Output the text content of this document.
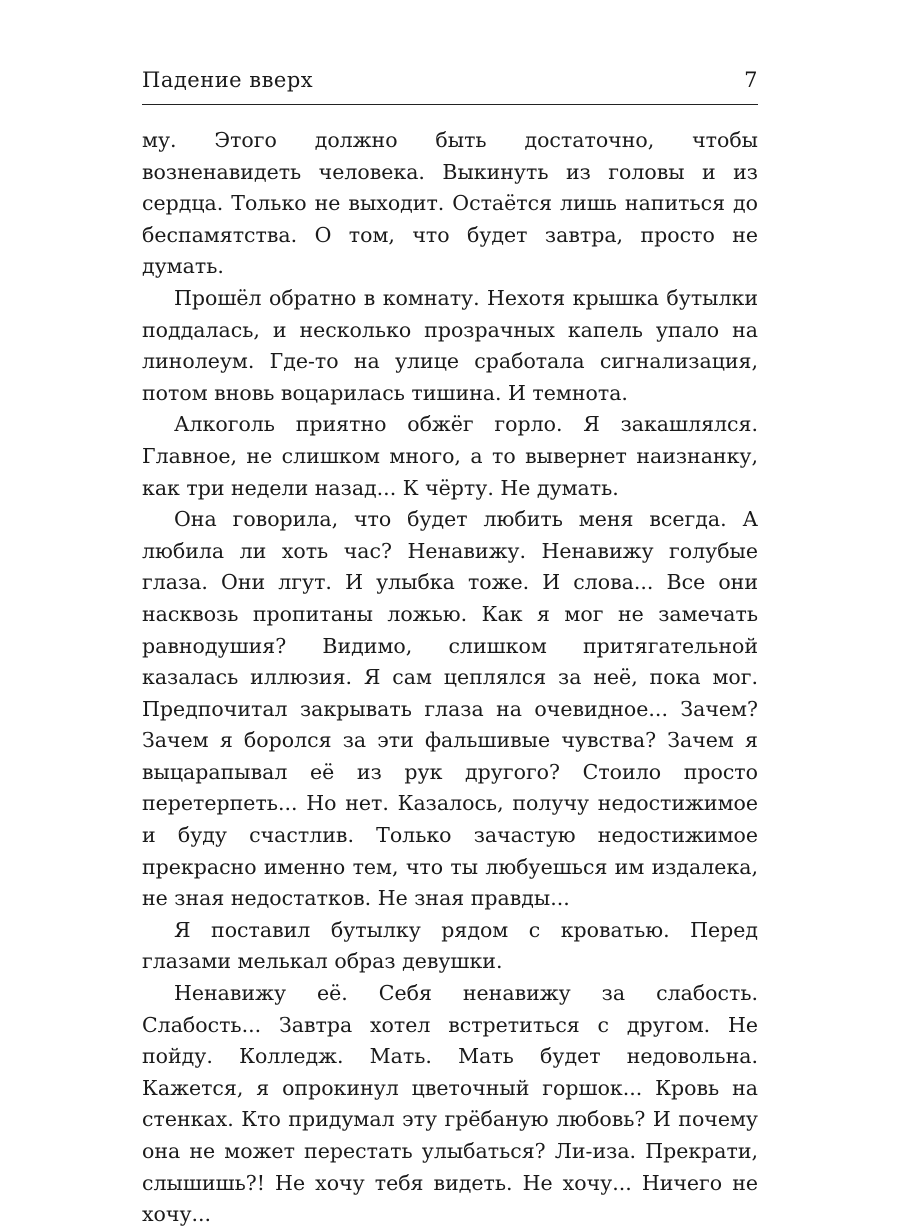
Падение вверх	7

му. Этого должно быть достаточно, чтобы возненавидеть человека. Выкинуть из головы и из сердца. Только не выходит. Остаётся лишь напиться до беспамятства. О том, что будет завтра, просто не думать.

Прошёл обратно в комнату. Нехотя крышка бутылки поддалась, и несколько прозрачных капель упало на линолеум. Где-то на улице сработала сигнализация, потом вновь воцарилась тишина. И темнота.

Алкоголь приятно обжёг горло. Я закашлялся. Главное, не слишком много, а то вывернет наизнанку, как три недели назад... К чёрту. Не думать.

Она говорила, что будет любить меня всегда. А любила ли хоть час? Ненавижу. Ненавижу голубые глаза. Они лгут. И улыбка тоже. И слова... Все они насквозь пропитаны ложью. Как я мог не замечать равнодушия? Видимо, слишком притягательной казалась иллюзия. Я сам цеплялся за неё, пока мог. Предпочитал закрывать глаза на очевидное... Зачем? Зачем я боролся за эти фальшивые чувства? Зачем я выцарапывал её из рук другого? Стоило просто перетерпеть... Но нет. Казалось, получу недостижимое и буду счастлив. Только зачастую недостижимое прекрасно именно тем, что ты любуешься им издалека, не зная недостатков. Не зная правды...

Я поставил бутылку рядом с кроватью. Перед глазами мелькал образ девушки.

Ненавижу её. Себя ненавижу за слабость. Слабость... Завтра хотел встретиться с другом. Не пойду. Колледж. Мать. Мать будет недовольна. Кажется, я опрокинул цветочный горшок... Кровь на стенках. Кто придумал эту грёбаную любовь? И почему она не может перестать улыбаться? Ли-иза. Прекрати, слышишь?! Не хочу тебя видеть. Не хочу... Ничего не хочу...
